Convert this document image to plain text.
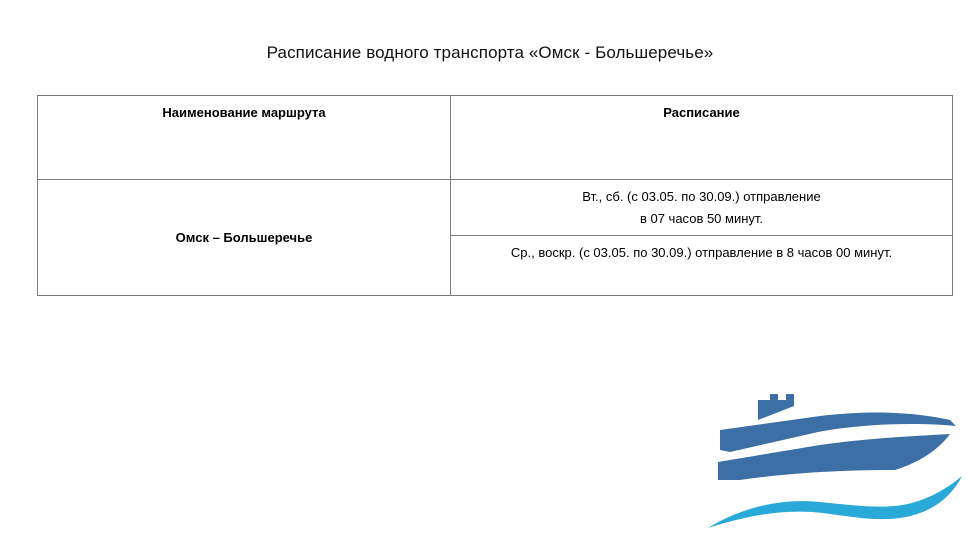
Расписание водного транспорта «Омск - Большеречье»
Наименование маршрута	Расписание
Омск – Большеречье	Вт., сб. (с 03.05. по 30.09.) отправление
в 07 часов 50 минут.

	Ср., воскр. (с 03.05. по 30.09.) отправление в 8 часов 00 минут.
